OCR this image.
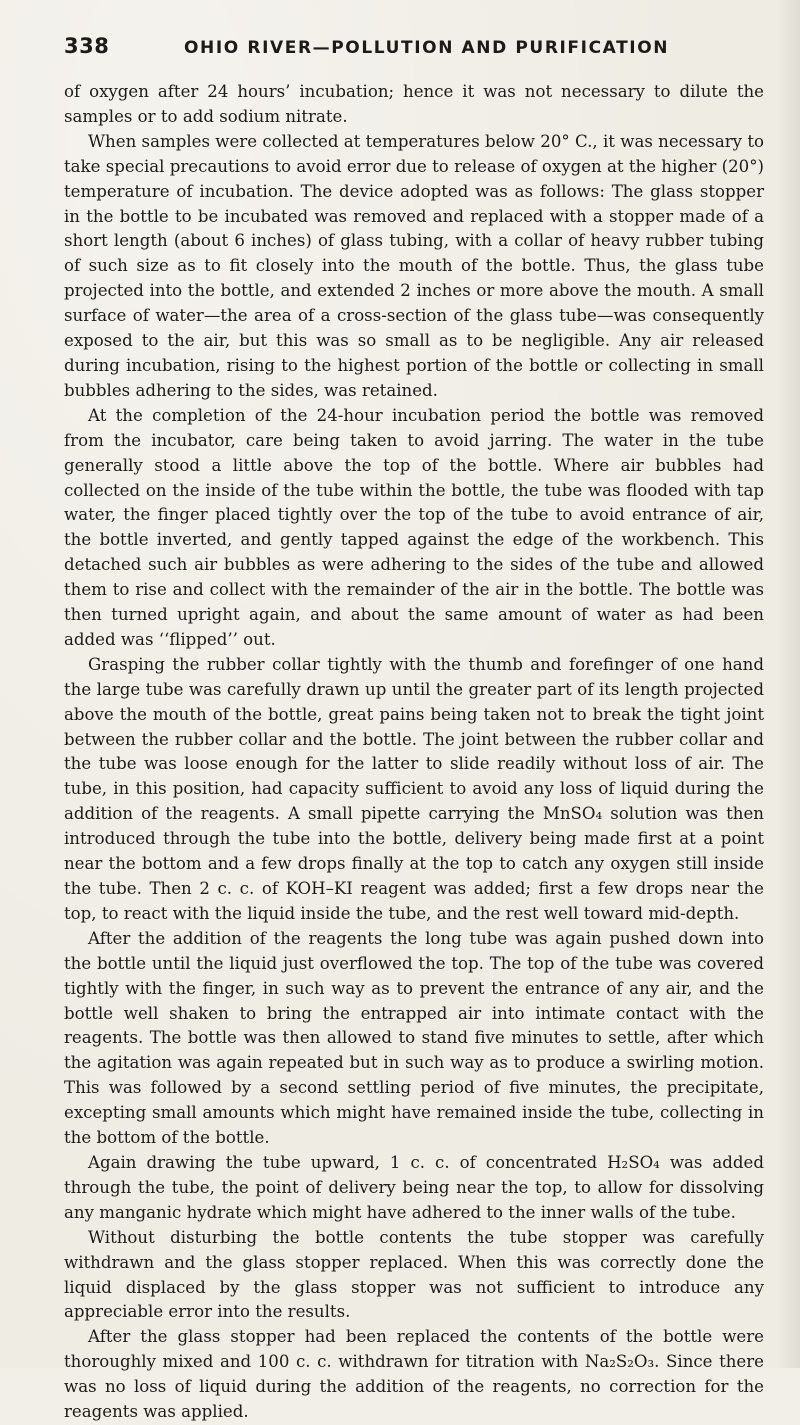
338	OHIO RIVER—POLLUTION AND PURIFICATION

of oxygen after 24 hours’ incubation; hence it was not necessary to dilute the samples or to add sodium nitrate.

When samples were collected at temperatures below 20° C., it was necessary to take special precautions to avoid error due to release of oxygen at the higher (20°) temperature of incubation. The device adopted was as follows: The glass stopper in the bottle to be incubated was removed and replaced with a stopper made of a short length (about 6 inches) of glass tubing, with a collar of heavy rubber tubing of such size as to fit closely into the mouth of the bottle. Thus, the glass tube projected into the bottle, and extended 2 inches or more above the mouth. A small surface of water—the area of a cross-section of the glass tube—was consequently exposed to the air, but this was so small as to be negligible. Any air released during incubation, rising to the highest portion of the bottle or collecting in small bubbles adhering to the sides, was retained.

At the completion of the 24-hour incubation period the bottle was removed from the incubator, care being taken to avoid jarring. The water in the tube generally stood a little above the top of the bottle. Where air bubbles had collected on the inside of the tube within the bottle, the tube was flooded with tap water, the finger placed tightly over the top of the tube to avoid entrance of air, the bottle inverted, and gently tapped against the edge of the workbench. This detached such air bubbles as were adhering to the sides of the tube and allowed them to rise and collect with the remainder of the air in the bottle. The bottle was then turned upright again, and about the same amount of water as had been added was ‘‘flipped’’ out.

Grasping the rubber collar tightly with the thumb and forefinger of one hand the large tube was carefully drawn up until the greater part of its length projected above the mouth of the bottle, great pains being taken not to break the tight joint between the rubber collar and the bottle. The joint between the rubber collar and the tube was loose enough for the latter to slide readily without loss of air. The tube, in this position, had capacity sufficient to avoid any loss of liquid during the addition of the reagents. A small pipette carrying the MnSO₄ solution was then introduced through the tube into the bottle, delivery being made first at a point near the bottom and a few drops finally at the top to catch any oxygen still inside the tube. Then 2 c. c. of KOH–KI reagent was added; first a few drops near the top, to react with the liquid inside the tube, and the rest well toward mid-depth.

After the addition of the reagents the long tube was again pushed down into the bottle until the liquid just overflowed the top. The top of the tube was covered tightly with the finger, in such way as to prevent the entrance of any air, and the bottle well shaken to bring the entrapped air into intimate contact with the reagents. The bottle was then allowed to stand five minutes to settle, after which the agitation was again repeated but in such way as to produce a swirling motion. This was followed by a second settling period of five minutes, the precipitate, excepting small amounts which might have remained inside the tube, collecting in the bottom of the bottle.

Again drawing the tube upward, 1 c. c. of concentrated H₂SO₄ was added through the tube, the point of delivery being near the top, to allow for dissolving any manganic hydrate which might have adhered to the inner walls of the tube.

Without disturbing the bottle contents the tube stopper was carefully withdrawn and the glass stopper replaced. When this was correctly done the liquid displaced by the glass stopper was not sufficient to introduce any appreciable error into the results.

After the glass stopper had been replaced the contents of the bottle were thoroughly mixed and 100 c. c. withdrawn for titration with Na₂S₂O₃. Since there was no loss of liquid during the addition of the reagents, no correction for the reagents was applied.
